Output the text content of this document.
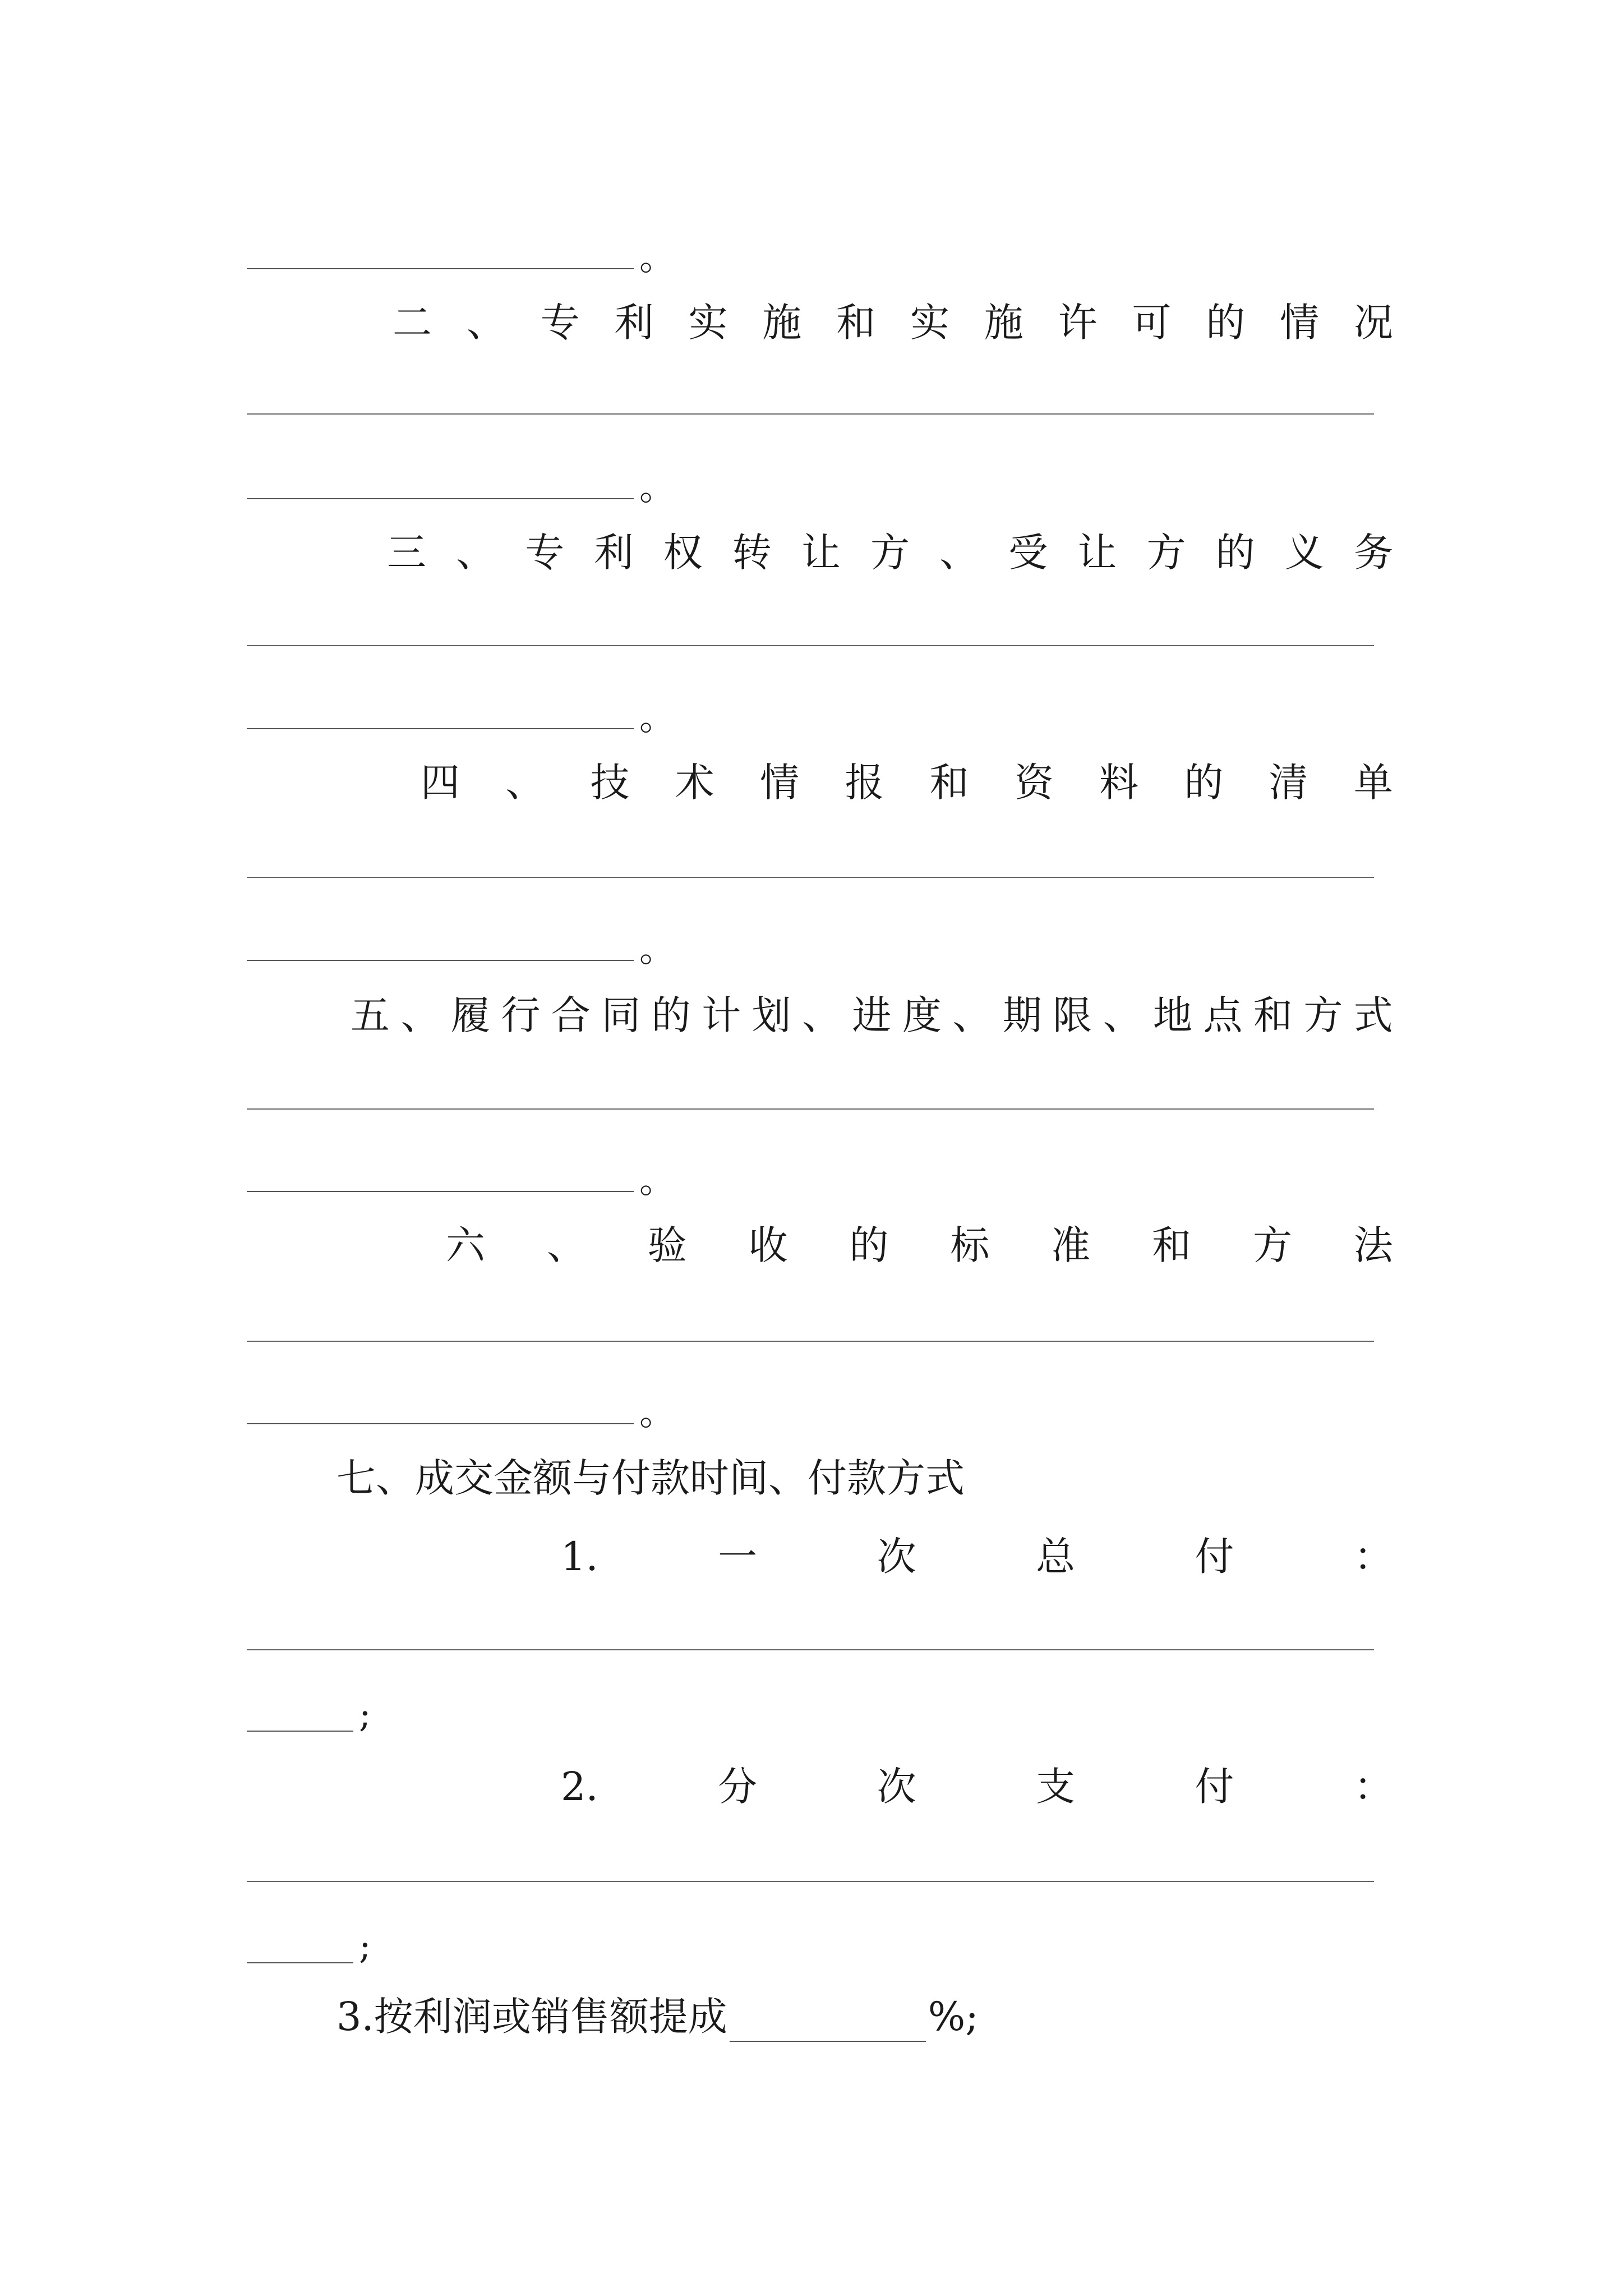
。
二 、 专 利 实 施 和 实 施 许 可 的 情 况
。
三 、 专 利 权 转 让 方 、 受 让 方 的 义 务
。
四 、 技 术 情 报 和 资 料 的 清 单
。
五 、 履 行 合 同 的 计 划 、 进 度 、 期 限 、 地 点 和 方 式
。
六 、 验 收 的 标 准 和 方 法
。
七、成交金额与付款时间、付款方式
1.	一	次	总	付	：
;
2.	分	次	支	付	：
;
3.按利润或销售额提成	%;
